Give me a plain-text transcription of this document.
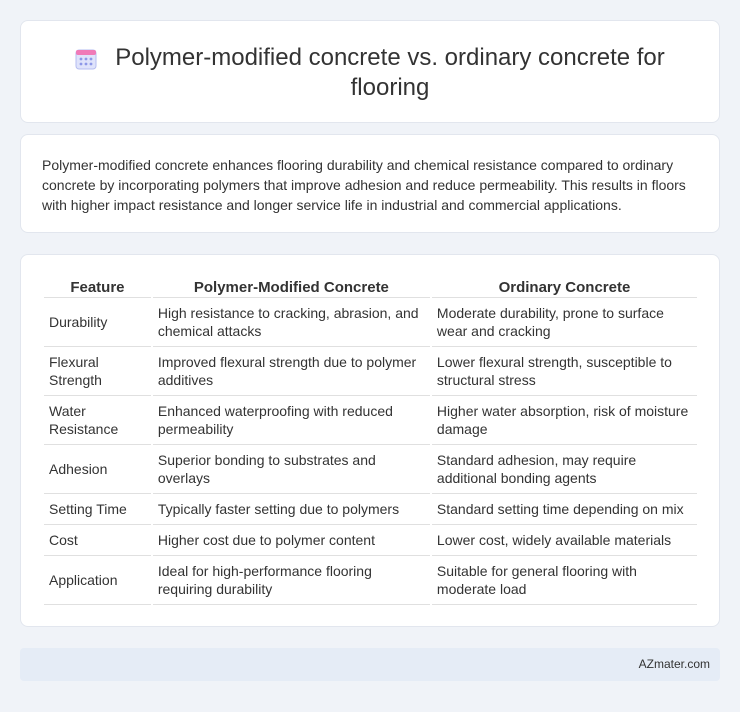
Polymer-modified concrete vs. ordinary concrete for flooring

Polymer-modified concrete enhances flooring durability and chemical resistance compared to ordinary concrete by incorporating polymers that improve adhesion and reduce permeability. This results in floors with higher impact resistance and longer service life in industrial and commercial applications.

Feature	Polymer-Modified Concrete	Ordinary Concrete
Durability	High resistance to cracking, abrasion, and chemical attacks	Moderate durability, prone to surface wear and cracking
Flexural Strength	Improved flexural strength due to polymer additives	Lower flexural strength, susceptible to structural stress
Water Resistance	Enhanced waterproofing with reduced permeability	Higher water absorption, risk of moisture damage
Adhesion	Superior bonding to substrates and overlays	Standard adhesion, may require additional bonding agents
Setting Time	Typically faster setting due to polymers	Standard setting time depending on mix
Cost	Higher cost due to polymer content	Lower cost, widely available materials
Application	Ideal for high-performance flooring requiring durability	Suitable for general flooring with moderate load
AZmater.com
